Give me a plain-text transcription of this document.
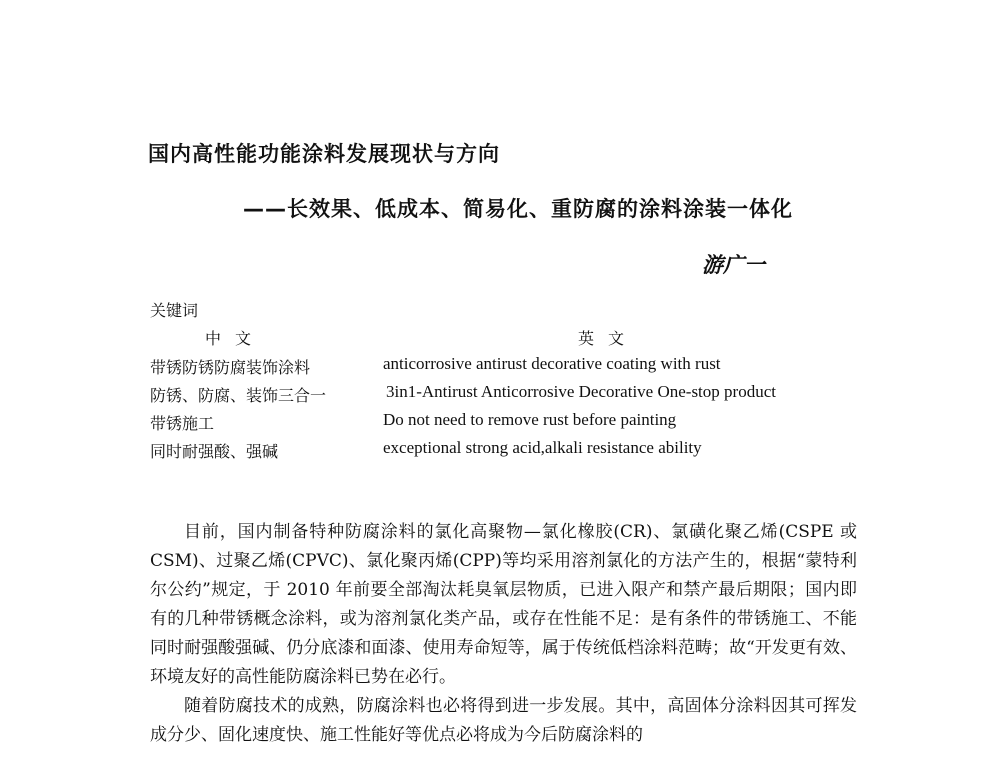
国内高性能功能涂料发展现状与方向
——长效果、低成本、简易化、重防腐的涂料涂装一体化
游广一
关键词
中文	英文
带锈防锈防腐装饰涂料	anticorrosive antirust decorative coating with rust
防锈、防腐、装饰三合一	3in1-Antirust Anticorrosive Decorative One-stop product
带锈施工	Do not need to remove rust before painting
同时耐强酸、强碱	exceptional strong acid,alkali resistance ability

目前，国内制备特种防腐涂料的氯化高聚物—氯化橡胶(CR)、氯磺化聚乙烯(CSPE 或 CSM)、过聚乙烯(CPVC)、氯化聚丙烯(CPP)等均采用溶剂氯化的方法产生的，根据“蒙特利尔公约”规定，于 2010 年前要全部淘汰耗臭氧层物质，已进入限产和禁产最后期限；国内即有的几种带锈概念涂料，或为溶剂氯化类产品，或存在性能不足：是有条件的带锈施工、不能同时耐强酸强碱、仍分底漆和面漆、使用寿命短等，属于传统低档涂料范畴；故“开发更有效、环境友好的高性能防腐涂料已势在必行。

随着防腐技术的成熟，防腐涂料也必将得到进一步发展。其中，高固体分涂料因其可挥发成分少、固化速度快、施工性能好等优点必将成为今后防腐涂料的
